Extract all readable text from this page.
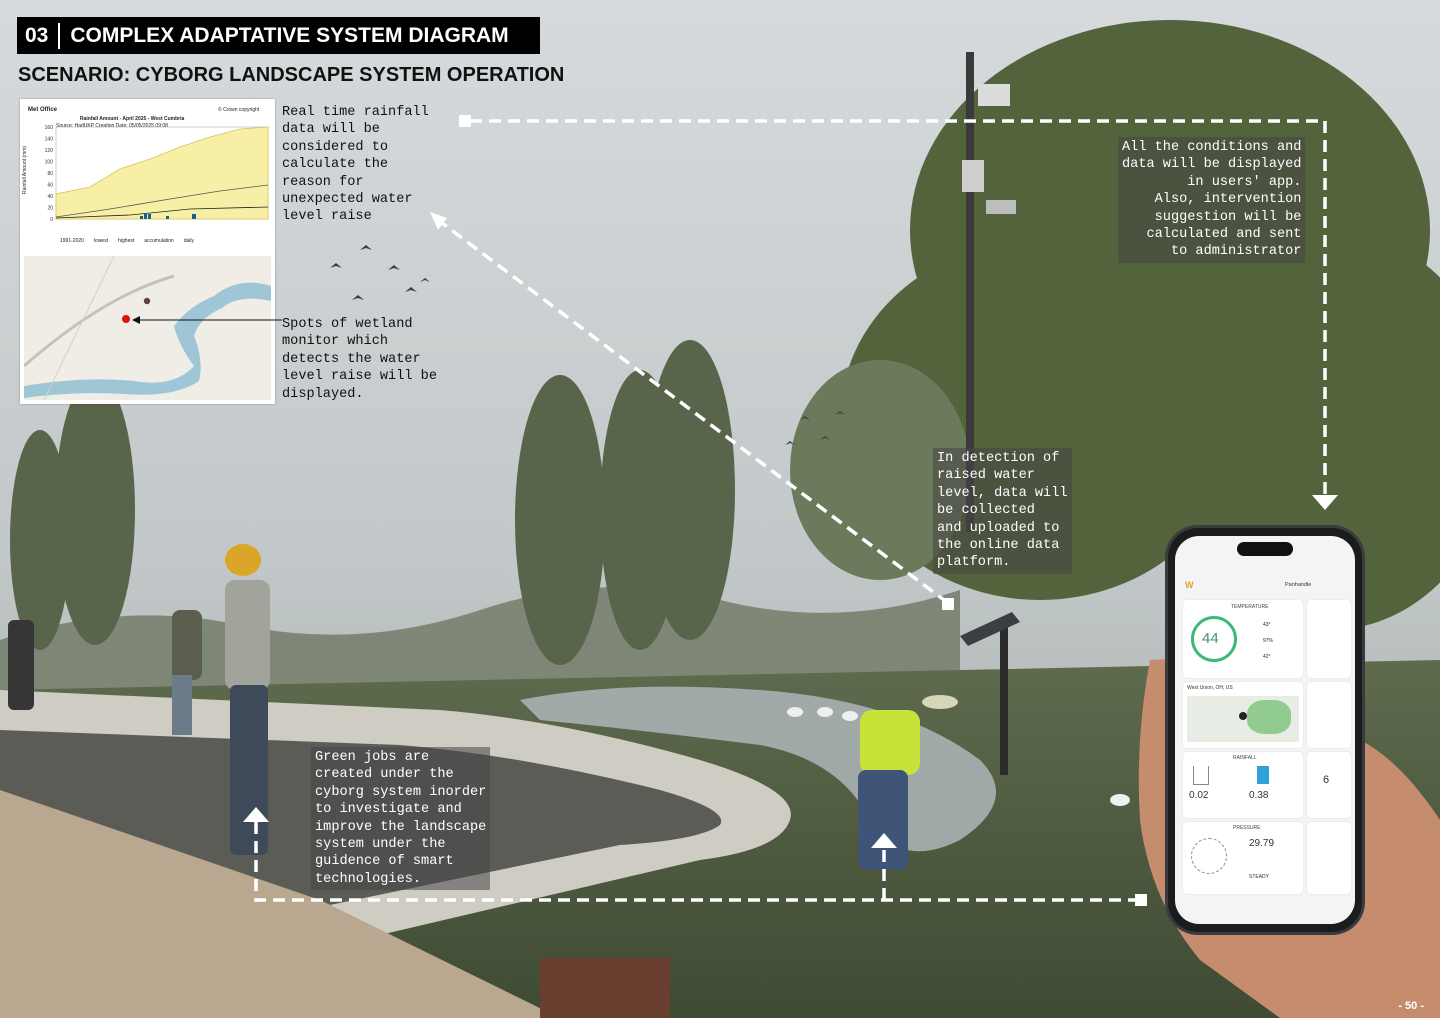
03	COMPLEX ADAPTATIVE SYSTEM DIAGRAM
SCENARIO: CYBORG LANDSCAPE SYSTEM OPERATION
Met Office	© Crown copyright
Rainfall Amount - April 2025 - West Cumbria
Source: HadUKP Creation Date: 05/05/2025 09:08
Rainfall Amount (mm)
160
140
120
100
80
60
40
20
0
1991-2020 lowest highest accumulation daily
Real time rainfall
data will be
considered to
calculate the
reason for
unexpected water
level raise
Spots of wetland
monitor which
detects the water
level raise will be
displayed.
All the conditions and
data will be displayed
in users' app.
Also, intervention
suggestion will be
calculated and sent
to administrator
In detection of
raised water
level, data will
be collected
and uploaded to
the online data
platform.
Green jobs are
created under the
cyborg system inorder
to investigate and
improve the landscape
system under the
guidence of smart
technologies.
W	Panhandle
TEMPERATURE
44
43°
97%
42°
West Union, OH, US
RAINFALL
0.02	0.38
6
PRESSURE
29.79
STEADY
- 50 -
